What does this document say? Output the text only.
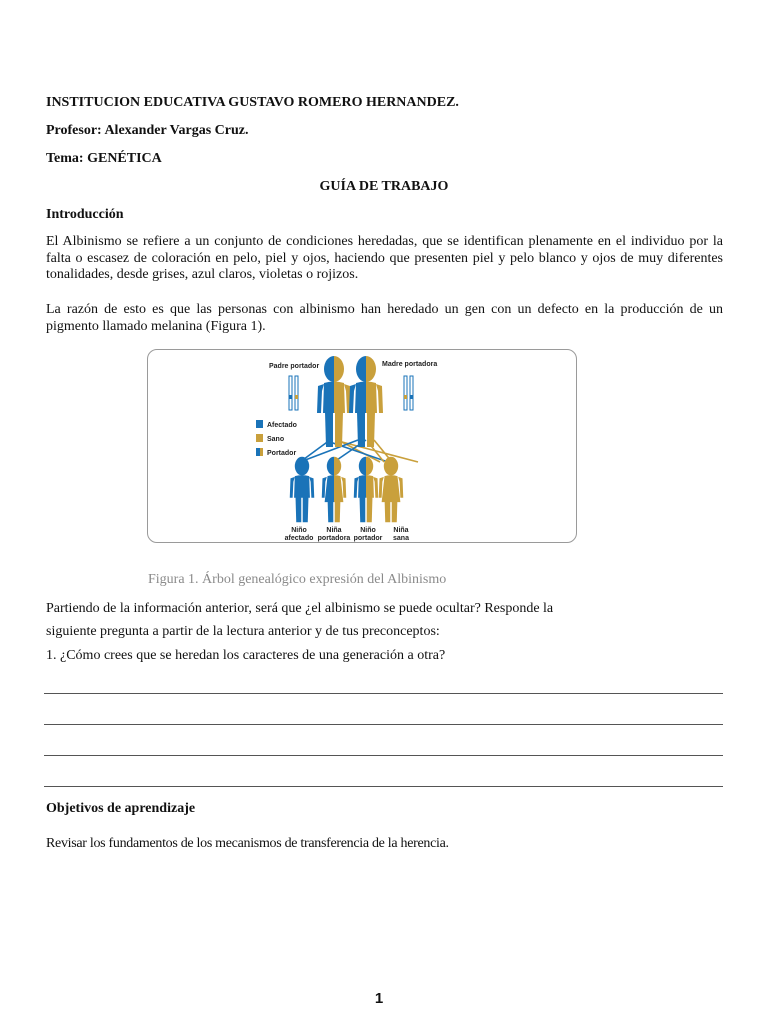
INSTITUCION EDUCATIVA GUSTAVO ROMERO HERNANDEZ.
Profesor: Alexander Vargas Cruz.
Tema: GENÉTICA
GUÍA DE TRABAJO
Introducción
El Albinismo se refiere a un conjunto de condiciones heredadas, que se identifican plenamente en el individuo por la falta o escasez de coloración en pelo, piel y ojos, haciendo que presenten piel y pelo blanco y ojos de muy diferentes tonalidades, desde grises, azul claros, violetas o rojizos.
La razón de esto es que las personas con albinismo han heredado un gen con un defecto en la producción de un pigmento llamado melanina (Figura 1).
Padre portador	Madre portadora
Afectado
Sano
Portador
Niño
afectado
Niña
portadora
Niño
portador
Niña
sana
Figura 1. Árbol genealógico expresión del Albinismo
Partiendo de la información anterior, será que ¿el albinismo se puede ocultar? Responde la
siguiente pregunta a partir de la lectura anterior y de tus preconceptos:
1. ¿Cómo crees que se heredan los caracteres de una generación a otra?
Objetivos de aprendizaje
Revisar los fundamentos de los mecanismos de transferencia de la herencia.
1
